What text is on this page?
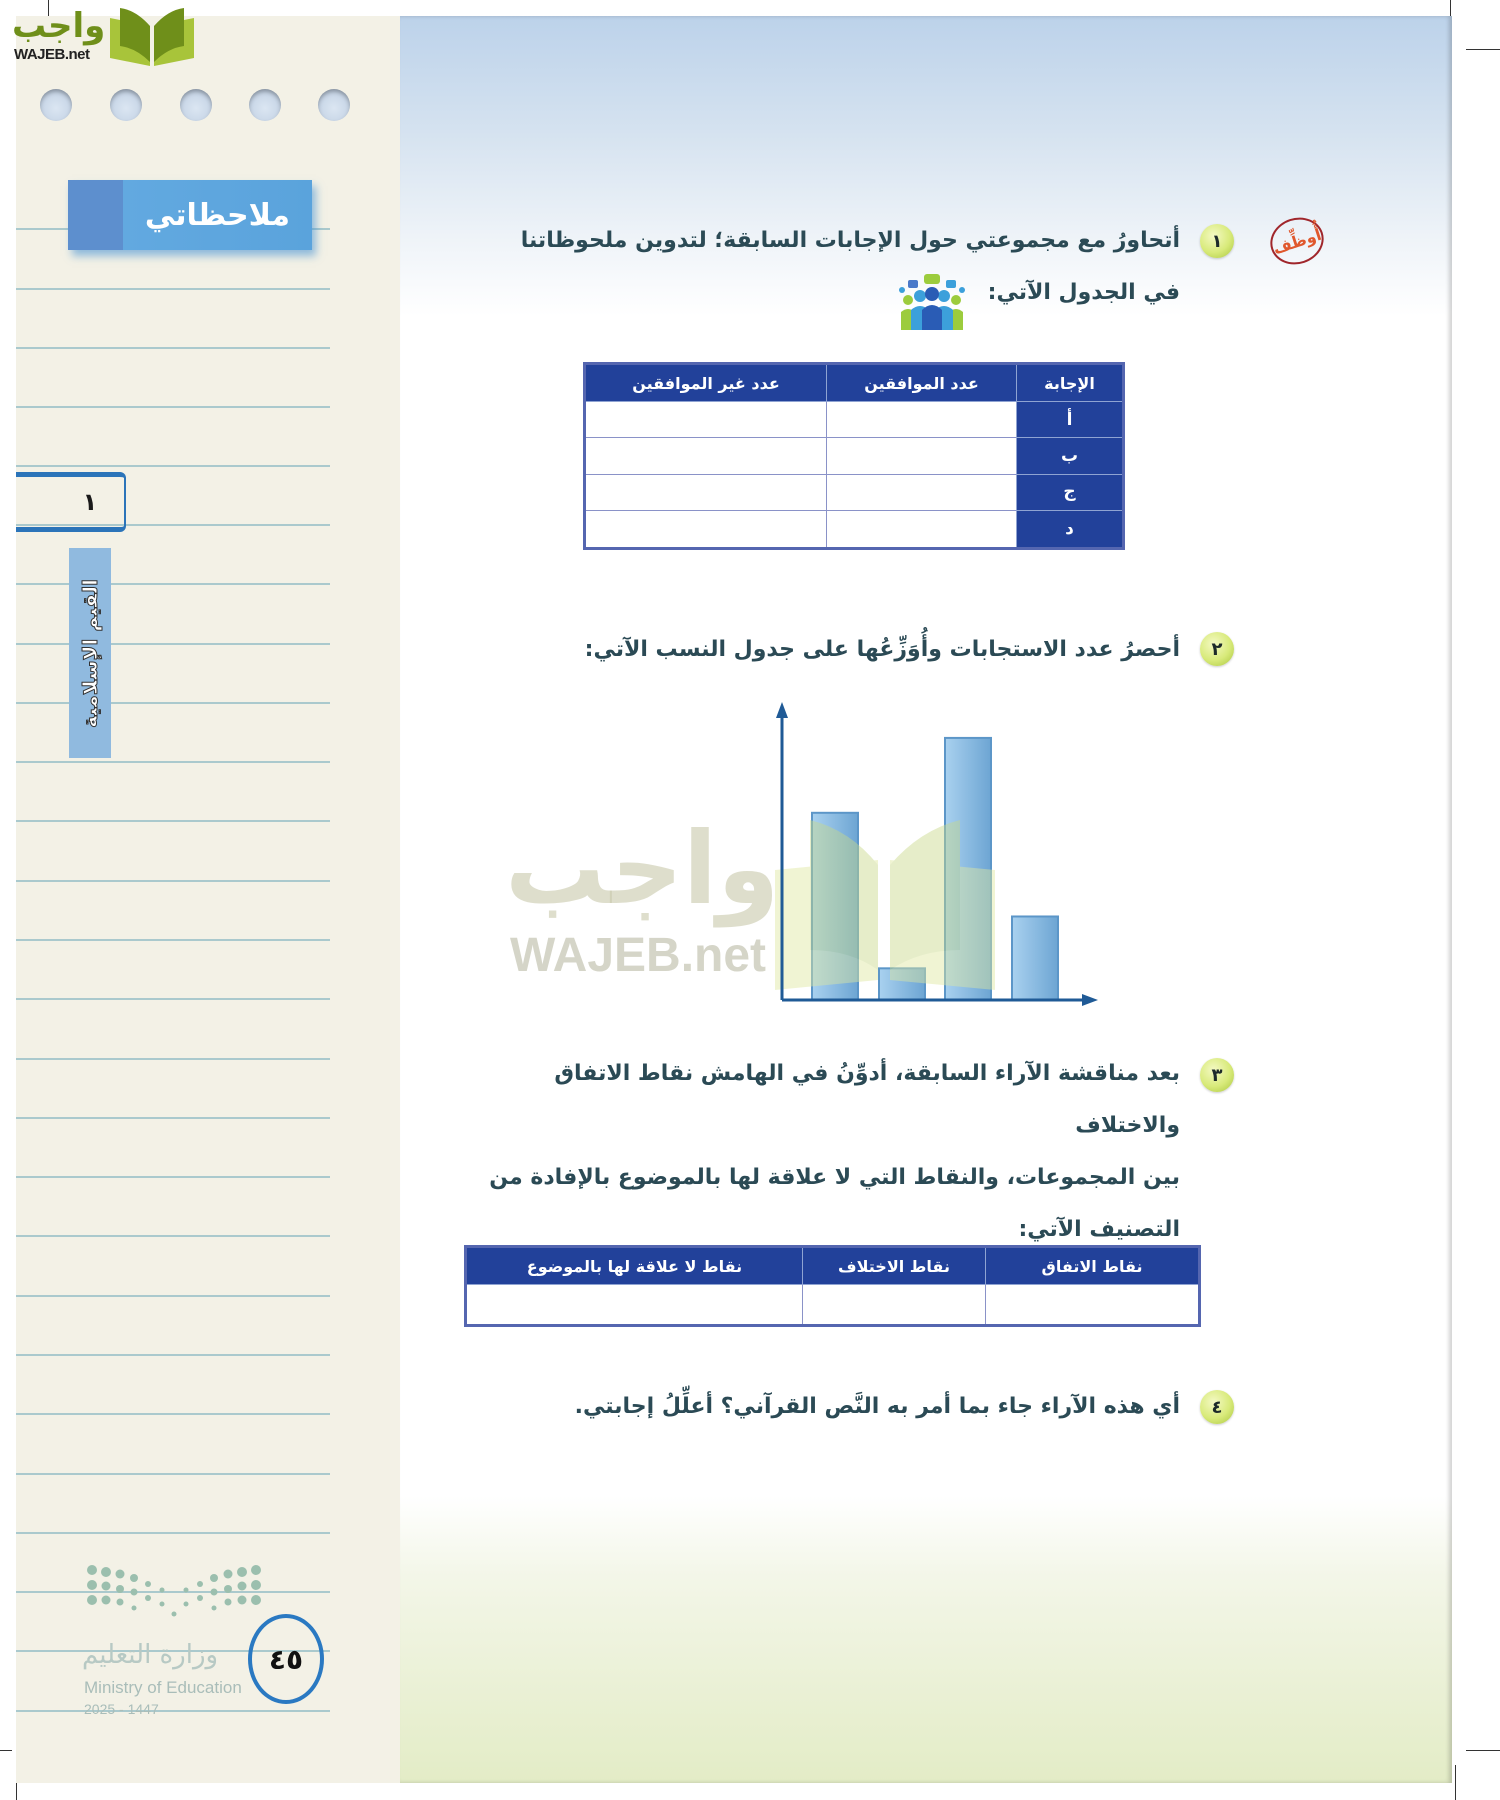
واجب
WAJEB.net
ملاحظاتي
١
القيم الإسلامية
وزارة التعليم
Ministry of Education
2025 - 1447
٤٥
أُوظِّف
١
أتحاورُ مع مجموعتي حول الإجابات السابقة؛ لتدوين ملحوظاتنا
في الجدول الآتي:
الإجابة	عدد الموافقين	عدد غير الموافقين
أ		
ب		
ج		
د		
٢
أحصرُ عدد الاستجابات وأُوَزِّعُها على جدول النسب الآتي:
واجب
WAJEB.net
٣
بعد مناقشة الآراء السابقة، أدوِّنُ في الهامش نقاط الاتفاق والاختلاف
بين المجموعات، والنقاط التي لا علاقة لها بالموضوع بالإفادة من
التصنيف الآتي:
نقاط الاتفاق	نقاط الاختلاف	نقاط لا علاقة لها بالموضوع

٤
أي هذه الآراء جاء بما أمر به النَّص القرآني؟ أعلِّلُ إجابتي.
